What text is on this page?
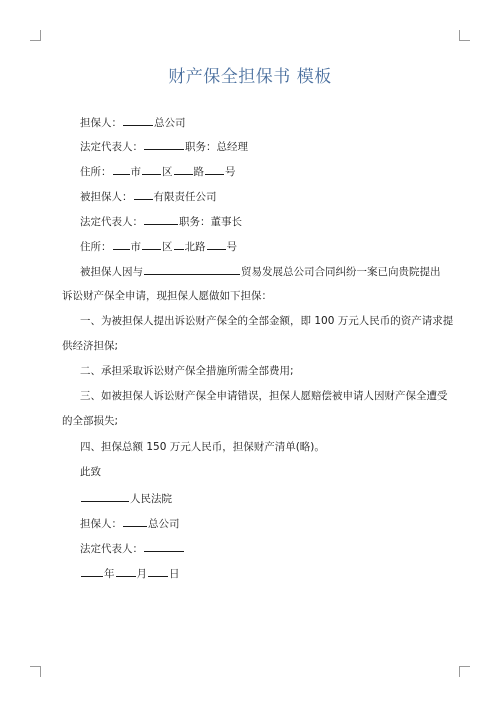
财产保全担保书 模板
担保人：	总公司
法定代表人：	职务：总经理
住所： 市 区 路 号
被担保人： 有限责任公司
法定代表人：	职务：董事长
住所： 市 区 北路 号
被担保人因与	贸易发展总公司合同纠纷一案已向贵院提出
诉讼财产保全申请，现担保人愿做如下担保：
一、为被担保人提出诉讼财产保全的全部金额，即 100 万元人民币的资产请求提
供经济担保;
二、承担采取诉讼财产保全措施所需全部费用;
三、如被担保人诉讼财产保全申请错误，担保人愿赔偿被申请人因财产保全遭受
的全部损失;
四、担保总额 150 万元人民币，担保财产清单(略)。
此致
人民法院
担保人： 总公司
法定代表人：
年 月 日
